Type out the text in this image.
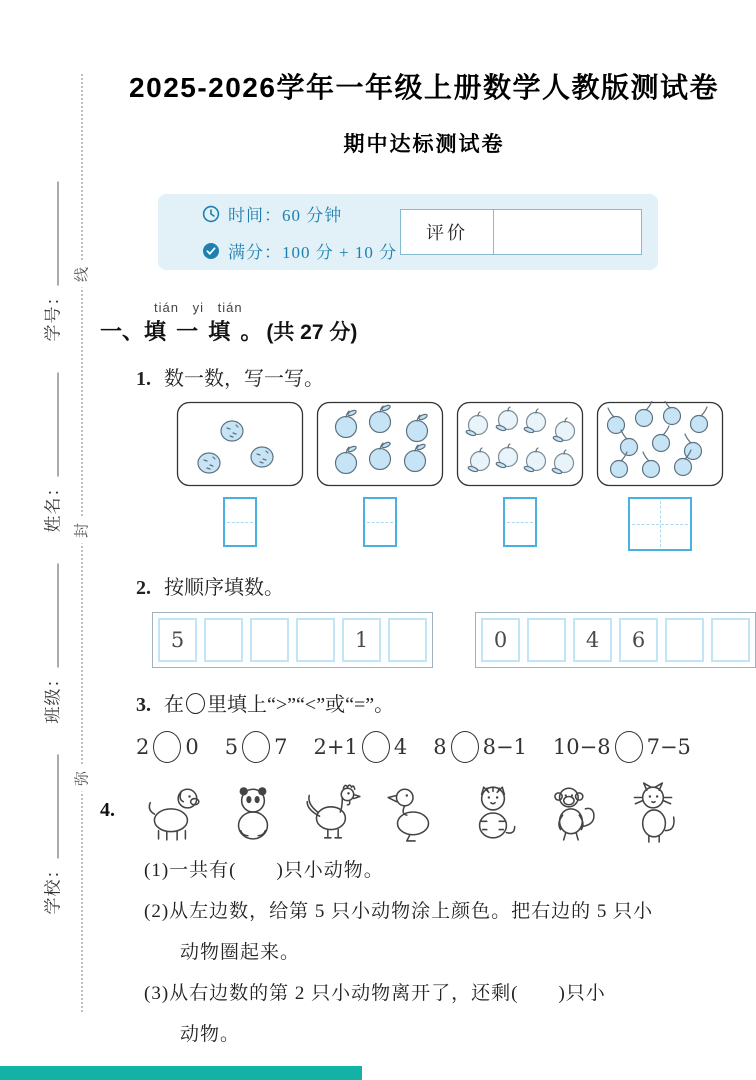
线
封
弥
学校：
班级：
姓名：
学号：
2025-2026学年一年级上册数学人教版测试卷
期中达标测试卷
时间：60 分钟
满分：100 分 + 10 分
评价
一、
tián yi tián
填 一 填 。 (共 27 分)
1. 数一数，写一写。
2. 按顺序填数。
5	1	0	4	6
3. 在 里填上“>”“<”或“=”。
2 0 5 7 2+1 4 8 8−1 10−8 7−5
4.
(1)一共有(　　)只小动物。
(2)从左边数，给第 5 只小动物涂上颜色。把右边的 5 只小
动物圈起来。
(3)从右边数的第 2 只小动物离开了，还剩(　　)只小
动物。
